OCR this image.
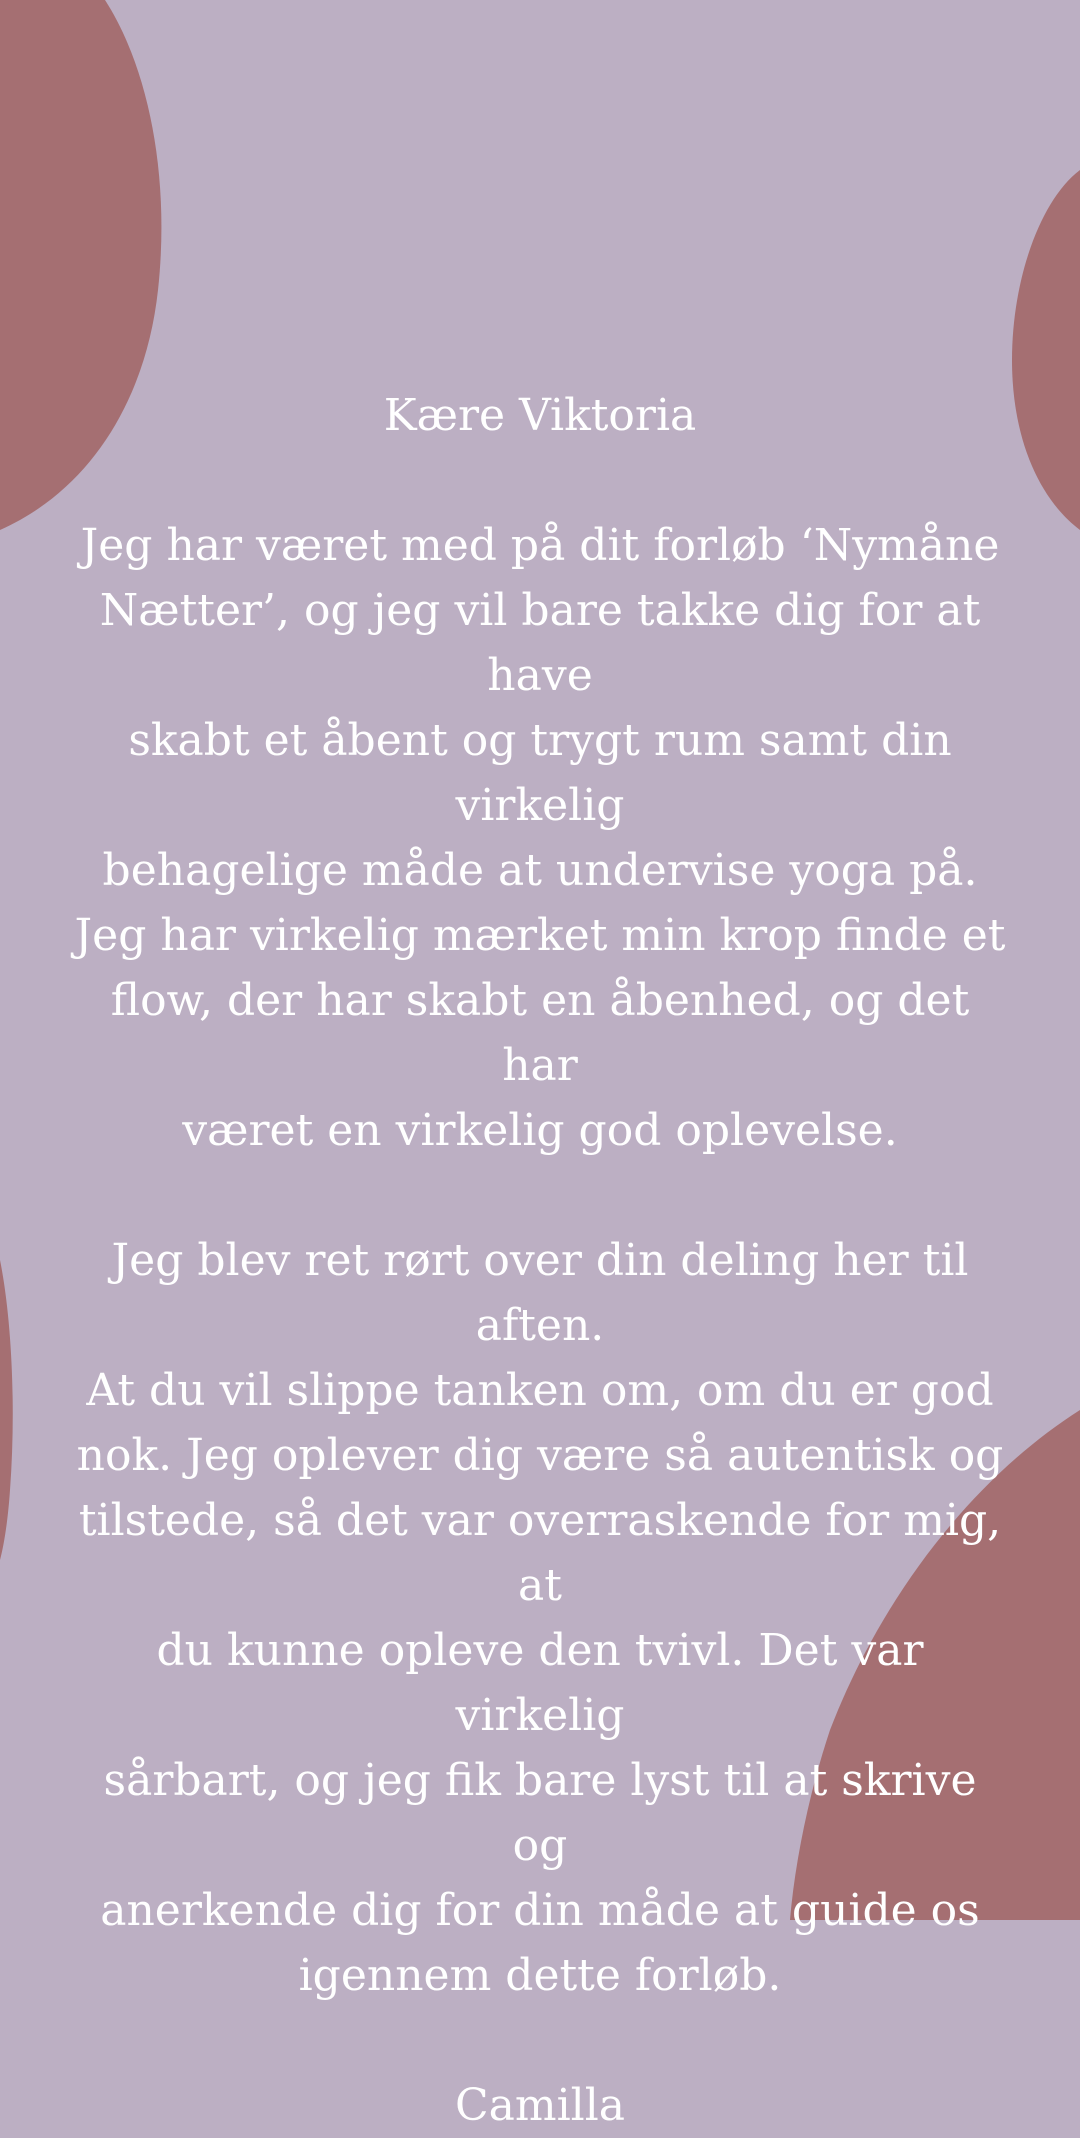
Kære Viktoria

Jeg har været med på dit forløb ‘Nymåne
Nætter’, og jeg vil bare takke dig for at have
skabt et åbent og trygt rum samt din virkelig
behagelige måde at undervise yoga på.
Jeg har virkelig mærket min krop finde et
flow, der har skabt en åbenhed, og det har
været en virkelig god oplevelse.

Jeg blev ret rørt over din deling her til aften.
At du vil slippe tanken om, om du er god
nok. Jeg oplever dig være så autentisk og
tilstede, så det var overraskende for mig, at
du kunne opleve den tvivl. Det var virkelig
sårbart, og jeg fik bare lyst til at skrive og
anerkende dig for din måde at guide os
igennem dette forløb.

Camilla
